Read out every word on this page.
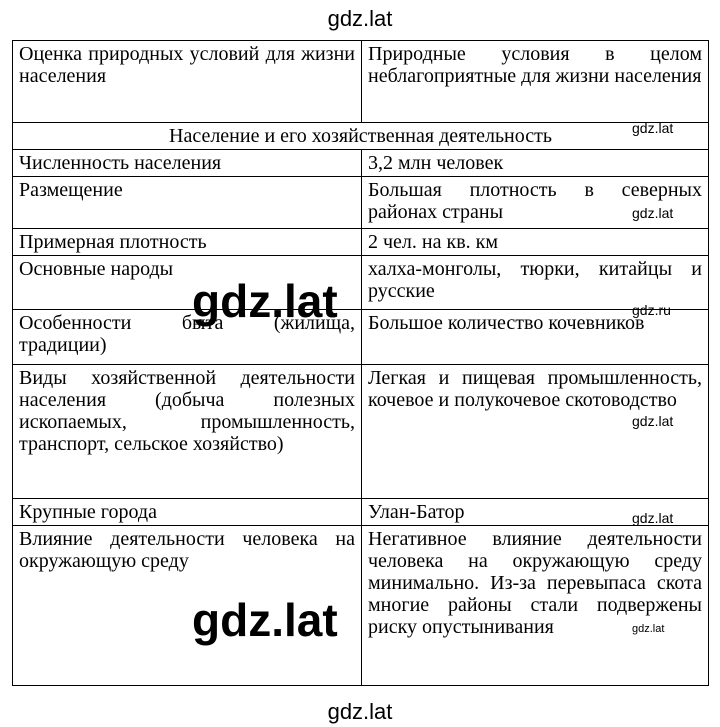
gdz.lat
Оценка природных условий для жизни населения	Природные условия в целом неблагоприятные для жизни населения
Население и его хозяйственная деятельность	
Численность населения	3,2 млн человек
Размещение	Большая плотность в северных районах страны
Примерная плотность	2 чел. на кв. км
Основные народы	халха-монголы, тюрки, китайцы и русские
Особенности быта (жилища, традиции)	Большое количество кочевников
Виды хозяйственной деятельности населения (добыча полезных ископаемых, промышленность, транспорт, сельское хозяйство)	Легкая и пищевая промышленность, кочевое и полукочевое скотоводство
Крупные города	Улан-Батор
Влияние деятельности человека на окружающую среду	Негативное влияние деятельности человека на окружающую среду минимально. Из-за перевыпаса скота многие районы стали подвержены риску опустынивания
gdz.lat
gdz.lat
gdz.lat
gdz.lat
gdz.ru
gdz.lat
gdz.lat
gdz.lat
gdz.lat
